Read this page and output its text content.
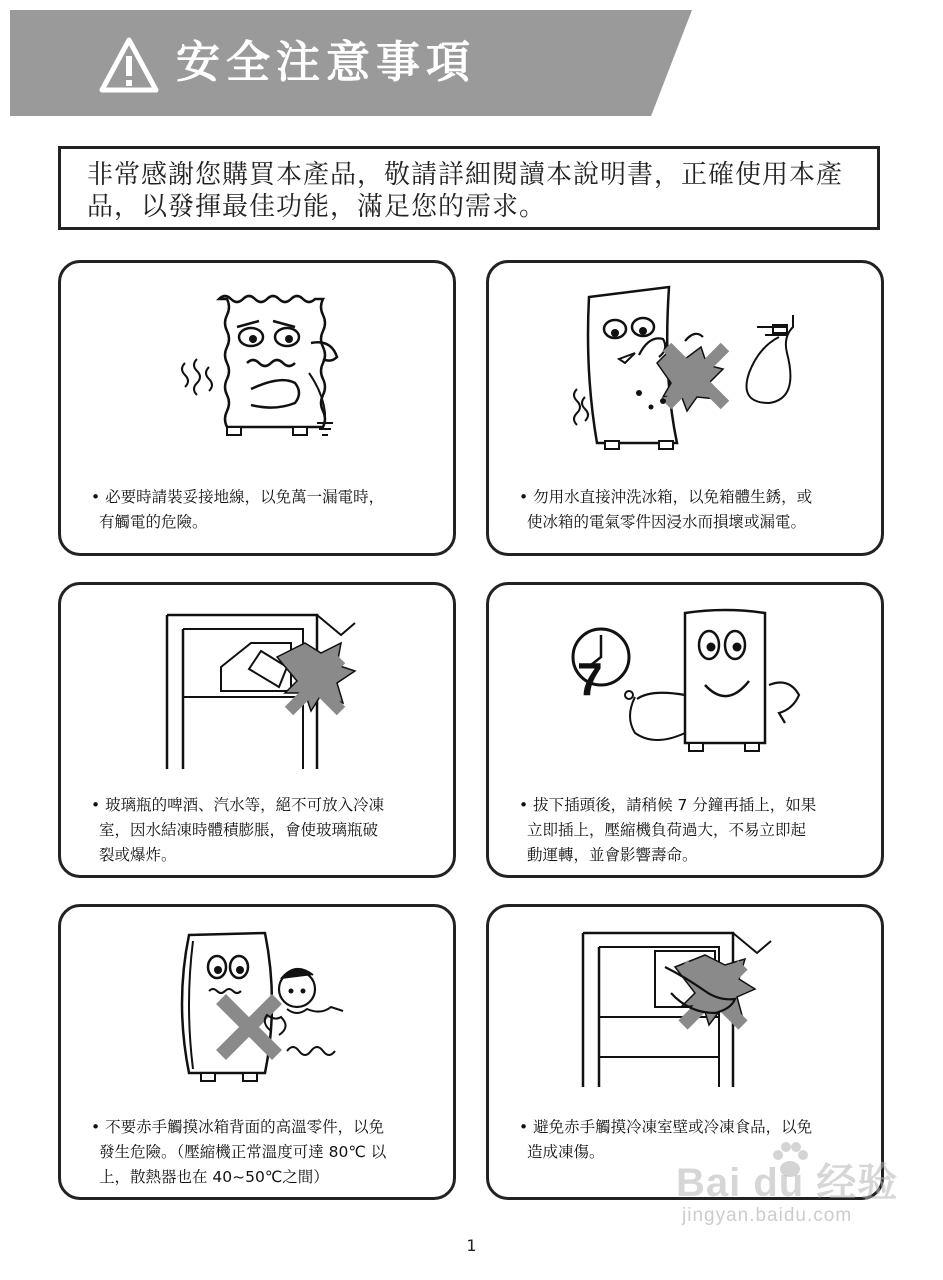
安全注意事項
非常感謝您購買本產品，敬請詳細閱讀本說明書，正確使用本產品，以發揮最佳功能，滿足您的需求。
• 必要時請裝妥接地線，以免萬一漏電時，
有觸電的危險。
• 勿用水直接沖洗冰箱，以免箱體生銹，或
使冰箱的電氣零件因浸水而損壞或漏電。
• 玻璃瓶的啤酒、汽水等，絕不可放入冷凍
室，因水結凍時體積膨脹，會使玻璃瓶破
裂或爆炸。
7
• 拔下插頭後，請稍候 7 分鐘再插上，如果
立即插上，壓縮機負荷過大，不易立即起
動運轉，並會影響壽命。
• 不要赤手觸摸冰箱背面的高溫零件，以免
發生危險。（壓縮機正常溫度可達 80℃ 以
上，散熱器也在 40~50℃之間）
• 避免赤手觸摸冷凍室壁或冷凍食品，以免
造成凍傷。
Bai du 经验
jingyan.baidu.com
1
